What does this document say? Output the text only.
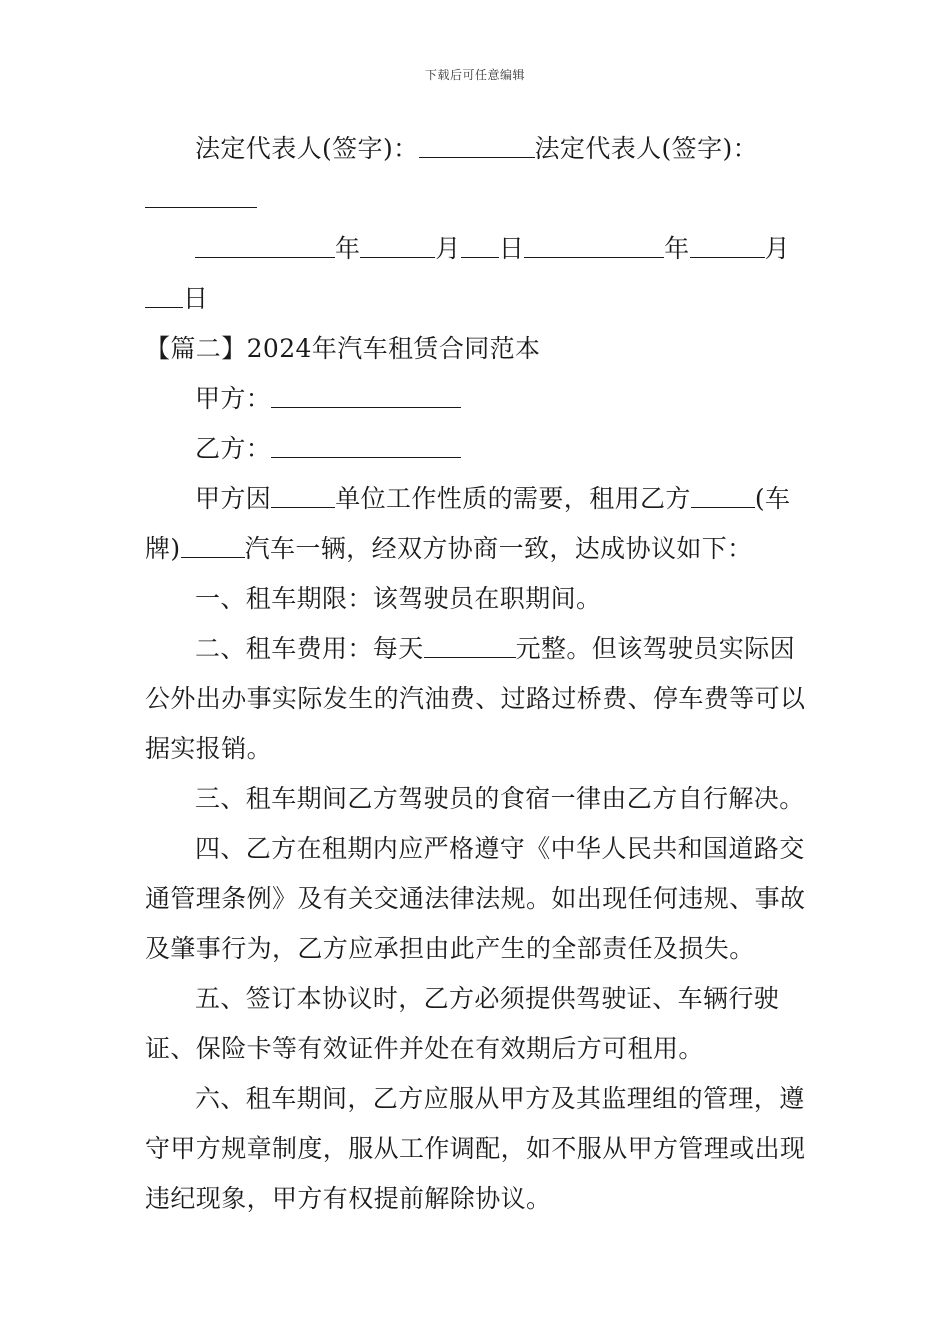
下载后可任意编辑

法定代表人(签字)：	法定代表人(签字)：

年	月 日	年	月日

【篇二】2024年汽车租赁合同范本

甲方：

乙方：

甲方因	单位工作性质的需要，租用乙方	(车牌)	汽车一辆，经双方协商一致，达成协议如下：

一、租车期限：该驾驶员在职期间。

二、租车费用：每天	元整。但该驾驶员实际因公外出办事实际发生的汽油费、过路过桥费、停车费等可以据实报销。

三、租车期间乙方驾驶员的食宿一律由乙方自行解决。

四、乙方在租期内应严格遵守《中华人民共和国道路交通管理条例》及有关交通法律法规。如出现任何违规、事故及肇事行为，乙方应承担由此产生的全部责任及损失。

五、签订本协议时，乙方必须提供驾驶证、车辆行驶证、保险卡等有效证件并处在有效期后方可租用。

六、租车期间，乙方应服从甲方及其监理组的管理，遵守甲方规章制度，服从工作调配，如不服从甲方管理或出现违纪现象，甲方有权提前解除协议。
